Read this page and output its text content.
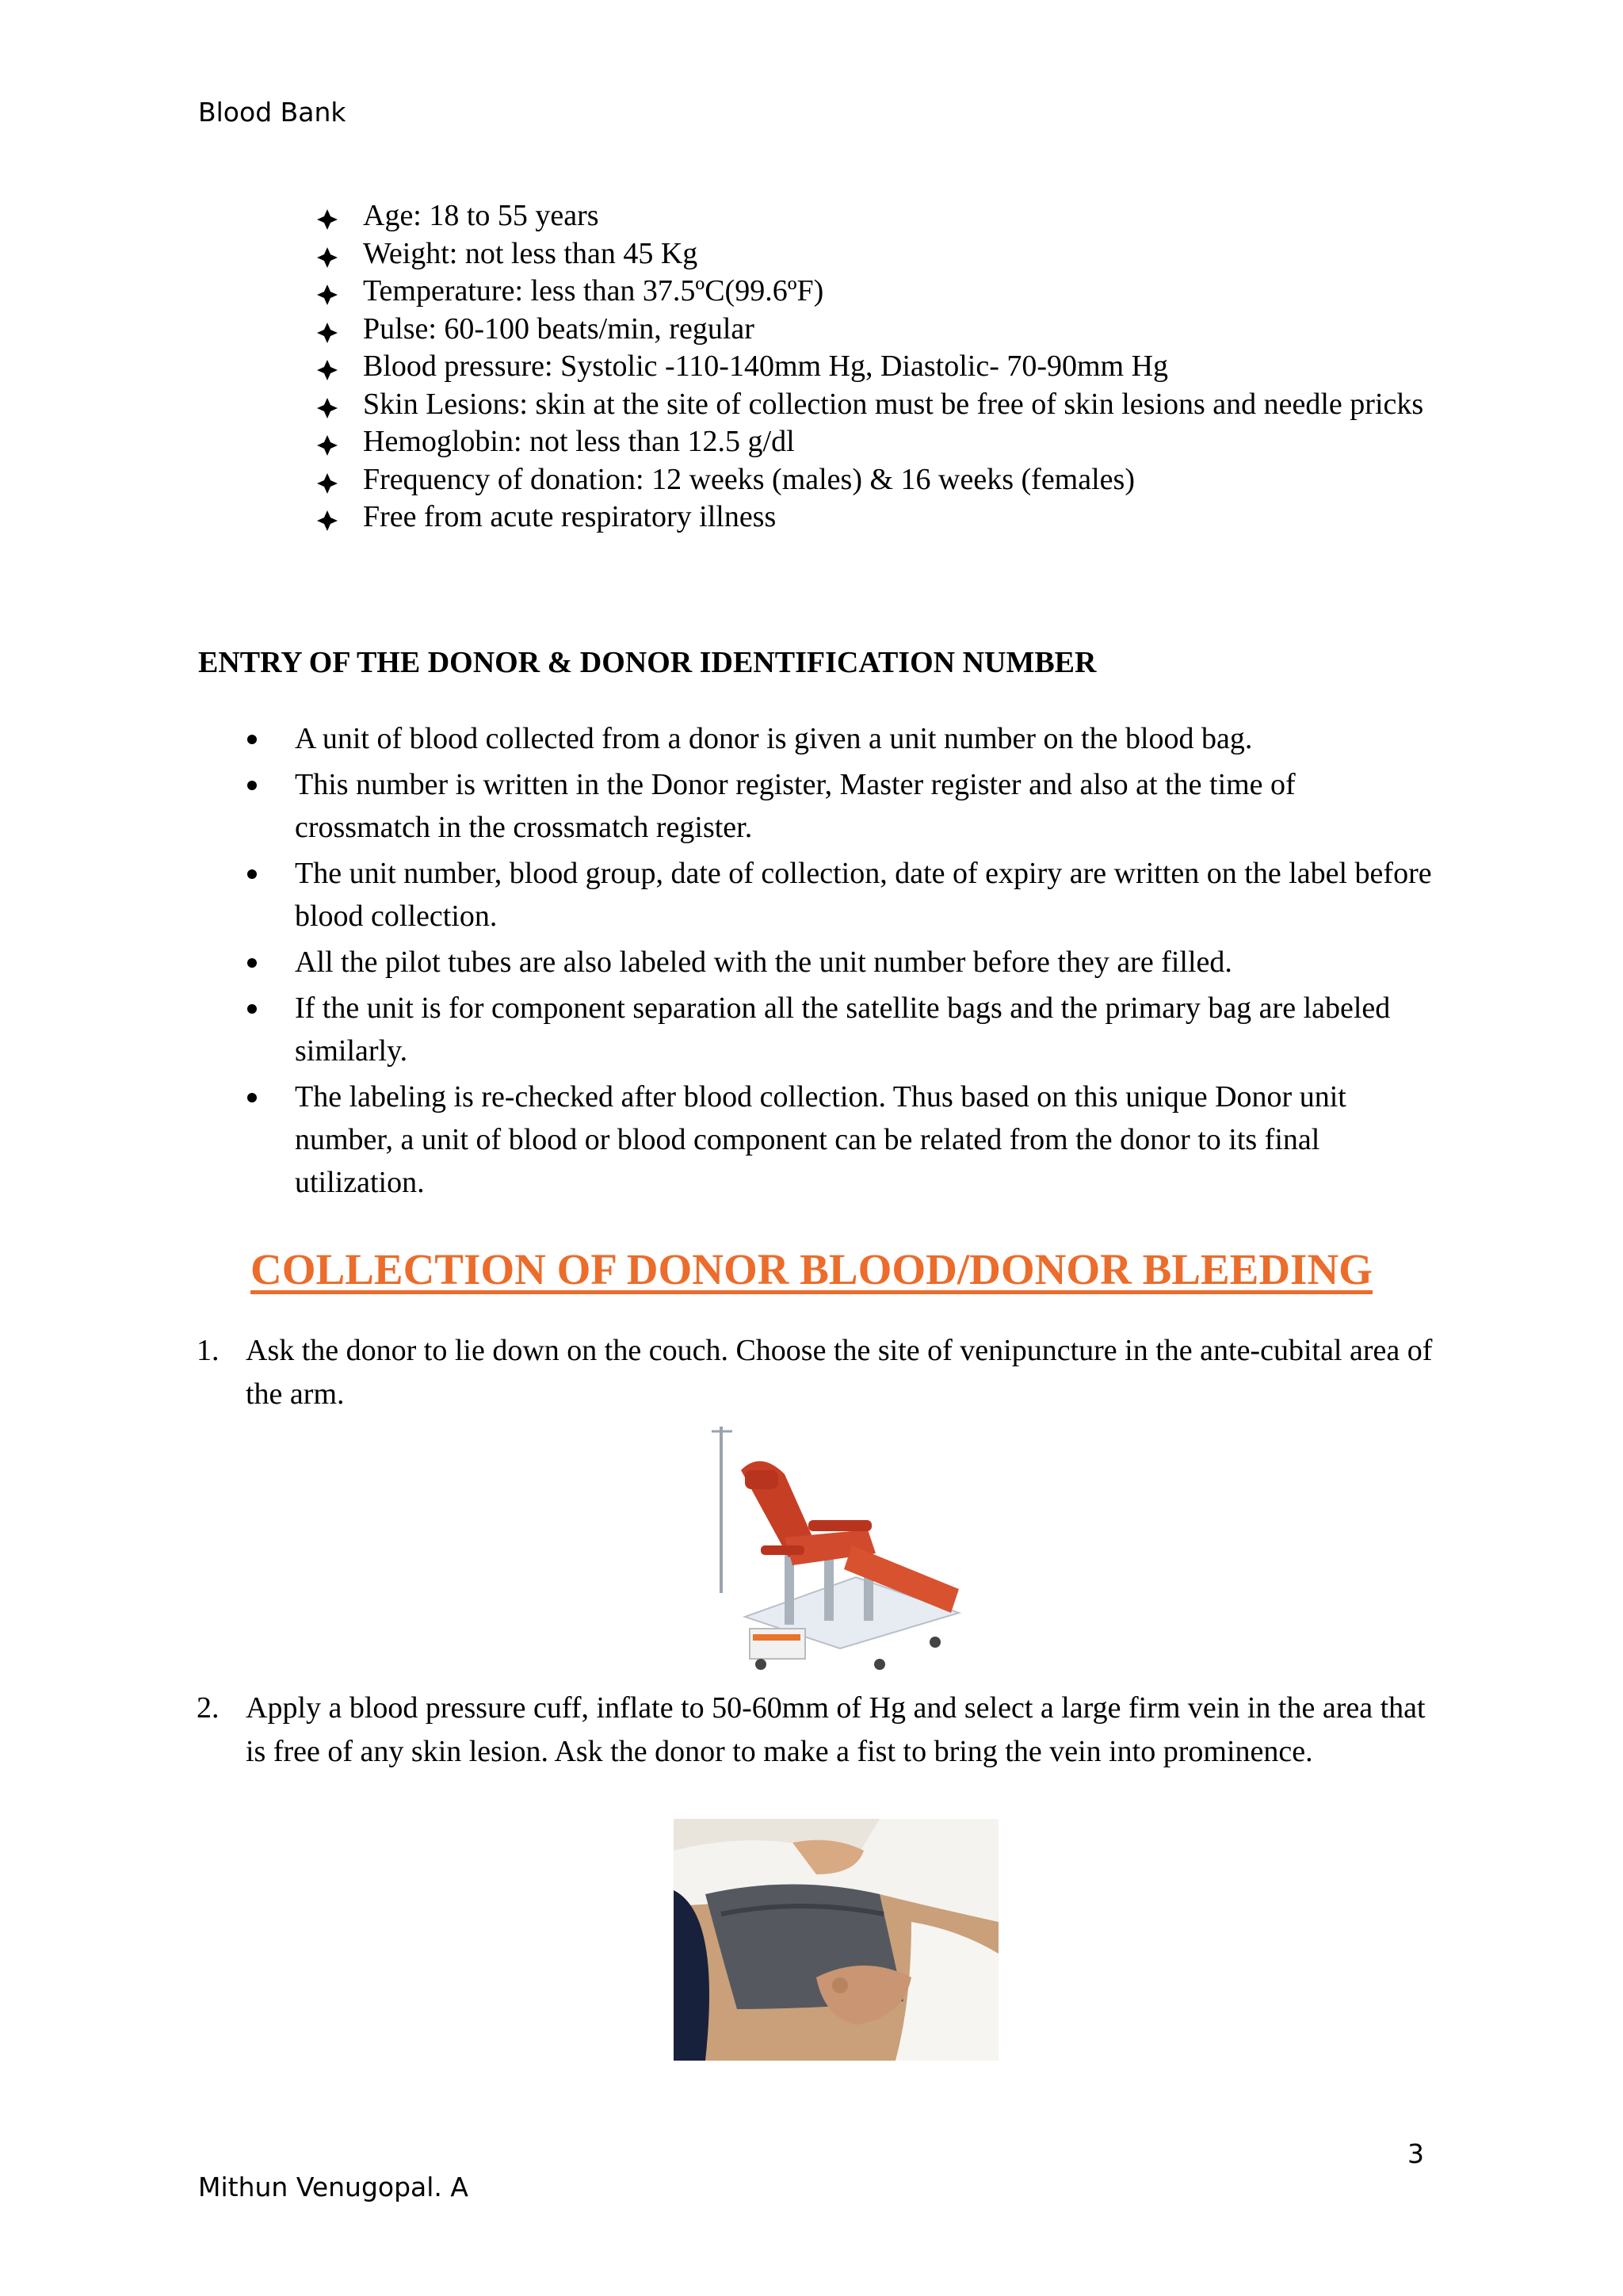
Blood Bank
Age: 18 to 55 years
Weight: not less than 45 Kg
Temperature: less than 37.5ºC(99.6ºF)
Pulse: 60-100 beats/min, regular
Blood pressure: Systolic -110-140mm Hg, Diastolic- 70-90mm Hg
Skin Lesions: skin at the site of collection must be free of skin lesions and needle pricks
Hemoglobin: not less than 12.5 g/dl
Frequency of donation: 12 weeks (males) & 16 weeks (females)
Free from acute respiratory illness
ENTRY OF THE DONOR & DONOR IDENTIFICATION NUMBER
A unit of blood collected from a donor is given a unit number on the blood bag.
This number is written in the Donor register, Master register and also at the time of crossmatch in the crossmatch register.
The unit number, blood group, date of collection, date of expiry are written on the label before blood collection.
All the pilot tubes are also labeled with the unit number before they are filled.
If the unit is for component separation all the satellite bags and the primary bag are labeled similarly.
The labeling is re-checked after blood collection. Thus based on this unique Donor unit number, a unit of blood or blood component can be related from the donor to its final utilization.
COLLECTION OF DONOR BLOOD/DONOR BLEEDING
1. Ask the donor to lie down on the couch. Choose the site of venipuncture in the ante-cubital area of the arm.
2. Apply a blood pressure cuff, inflate to 50-60mm of Hg and select a large firm vein in the area that is free of any skin lesion. Ask the donor to make a fist to bring the vein into prominence.
3
Mithun Venugopal. A
